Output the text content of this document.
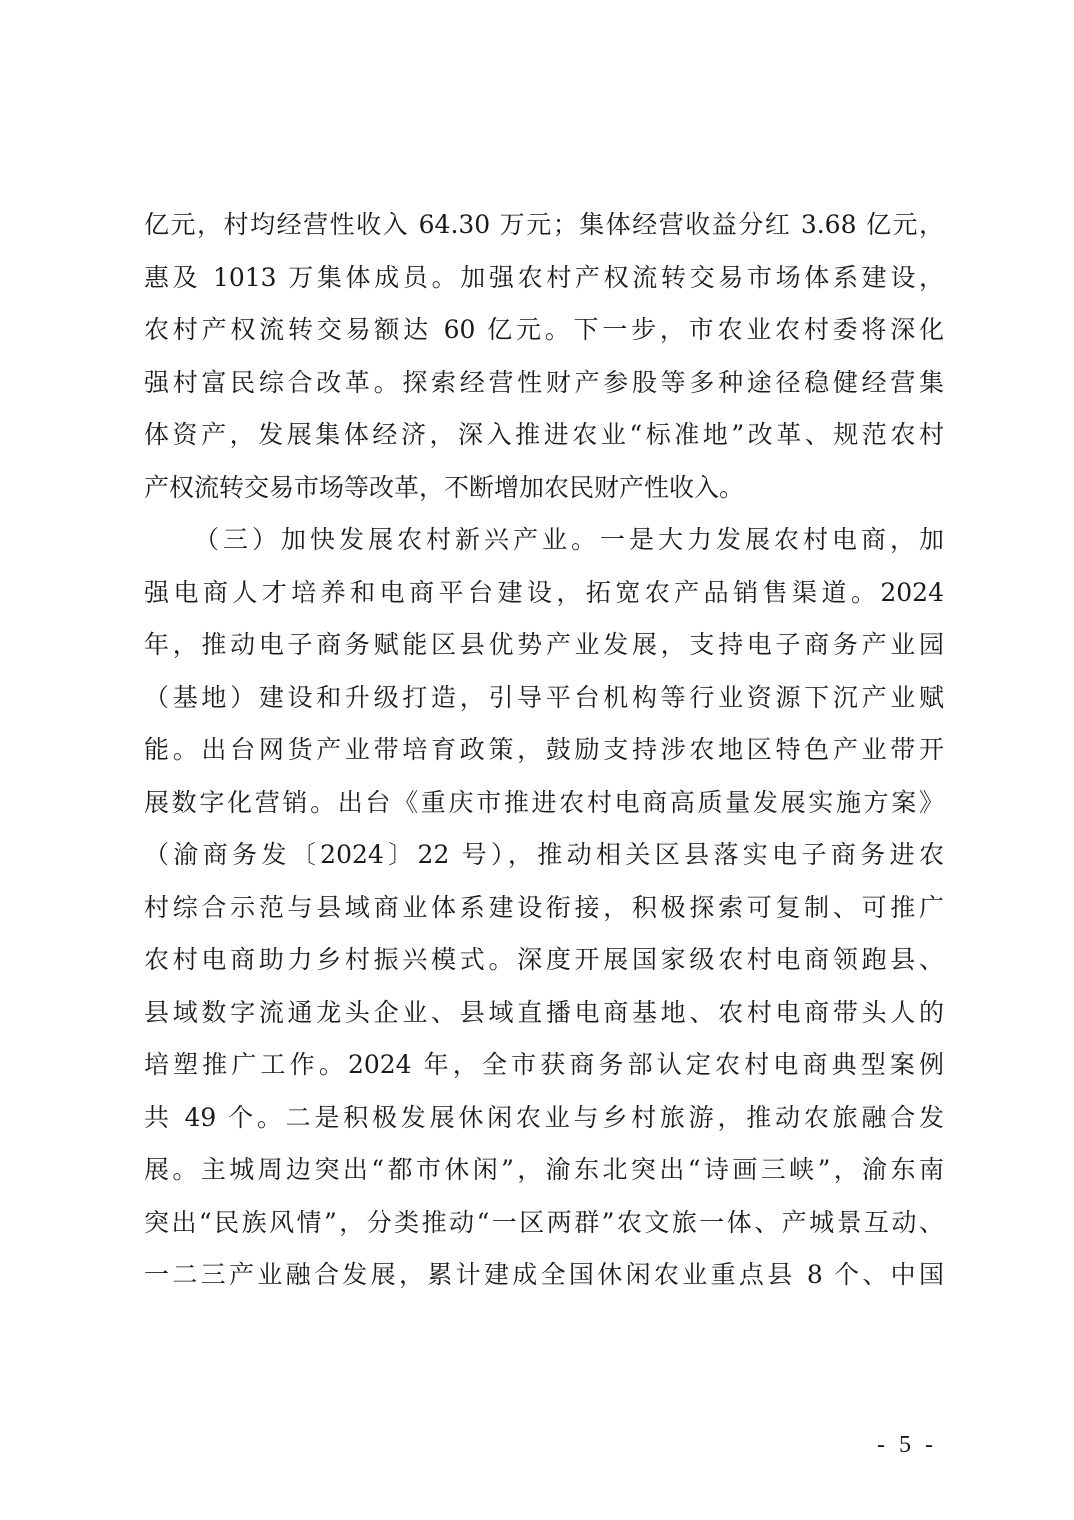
亿元，村均经营性收入 64.30 万元；集体经营收益分红 3.68 亿元，
惠及 1013 万集体成员。加强农村产权流转交易市场体系建设，
农村产权流转交易额达 60 亿元。下一步，市农业农村委将深化
强村富民综合改革。探索经营性财产参股等多种途径稳健经营集
体资产，发展集体经济，深入推进农业“标准地”改革、规范农村
产权流转交易市场等改革，不断增加农民财产性收入。
（三）加快发展农村新兴产业。一是大力发展农村电商，加
强电商人才培养和电商平台建设，拓宽农产品销售渠道。2024
年，推动电子商务赋能区县优势产业发展，支持电子商务产业园
（基地）建设和升级打造，引导平台机构等行业资源下沉产业赋
能。出台网货产业带培育政策，鼓励支持涉农地区特色产业带开
展数字化营销。出台《重庆市推进农村电商高质量发展实施方案》
（渝商务发〔2024〕22 号），推动相关区县落实电子商务进农
村综合示范与县域商业体系建设衔接，积极探索可复制、可推广
农村电商助力乡村振兴模式。深度开展国家级农村电商领跑县、
县域数字流通龙头企业、县域直播电商基地、农村电商带头人的
培塑推广工作。2024 年，全市获商务部认定农村电商典型案例
共 49 个。二是积极发展休闲农业与乡村旅游，推动农旅融合发
展。主城周边突出“都市休闲”，渝东北突出“诗画三峡”，渝东南
突出“民族风情”，分类推动“一区两群”农文旅一体、产城景互动、
一二三产业融合发展，累计建成全国休闲农业重点县 8 个、中国
- 5 -
